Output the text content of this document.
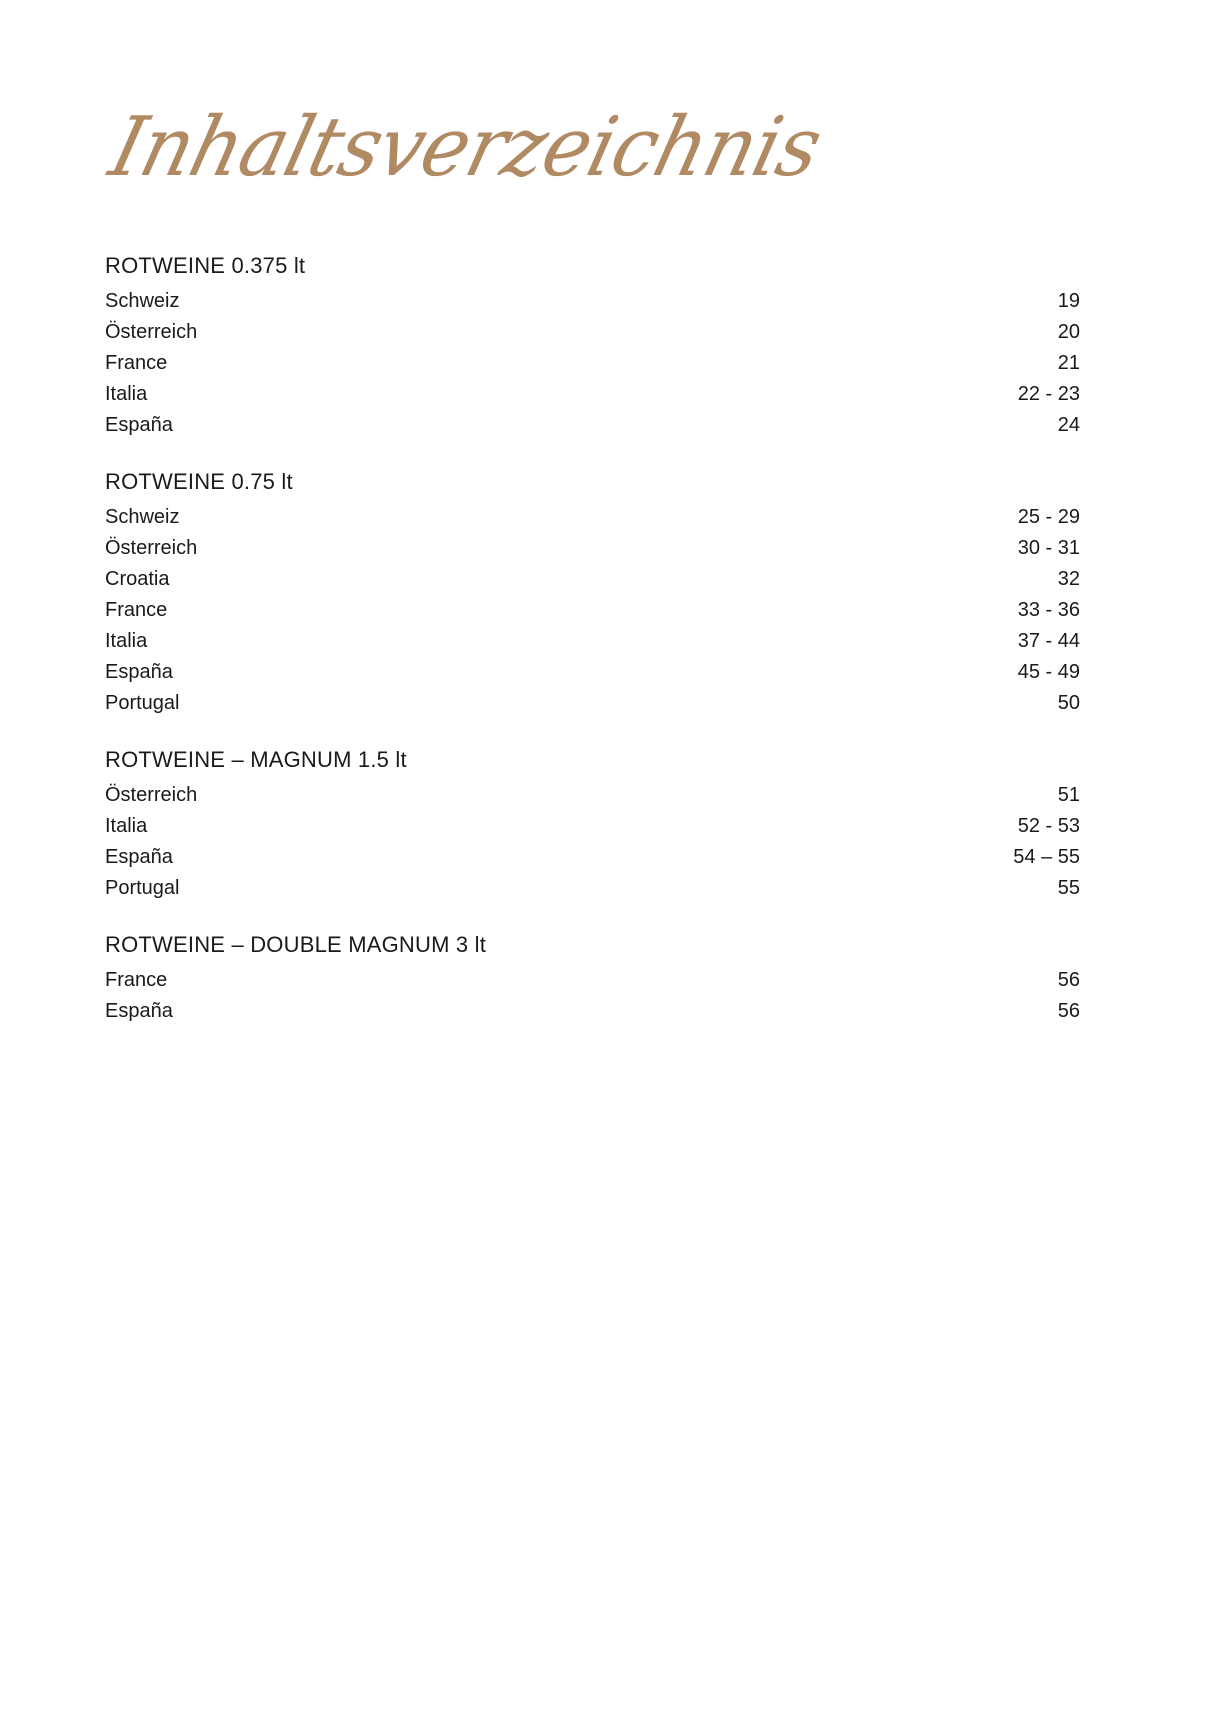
Inhaltsverzeichnis
ROTWEINE 0.375 lt
Schweiz	19
Österreich	20
France	21
Italia	22 - 23
España	24
ROTWEINE 0.75 lt
Schweiz	25 - 29
Österreich	30 - 31
Croatia	32
France	33 - 36
Italia	37 - 44
España	45 - 49
Portugal	50
ROTWEINE – MAGNUM 1.5 lt
Österreich	51
Italia	52 - 53
España	54 – 55
Portugal	55
ROTWEINE – DOUBLE MAGNUM 3 lt
France	56
España	56
